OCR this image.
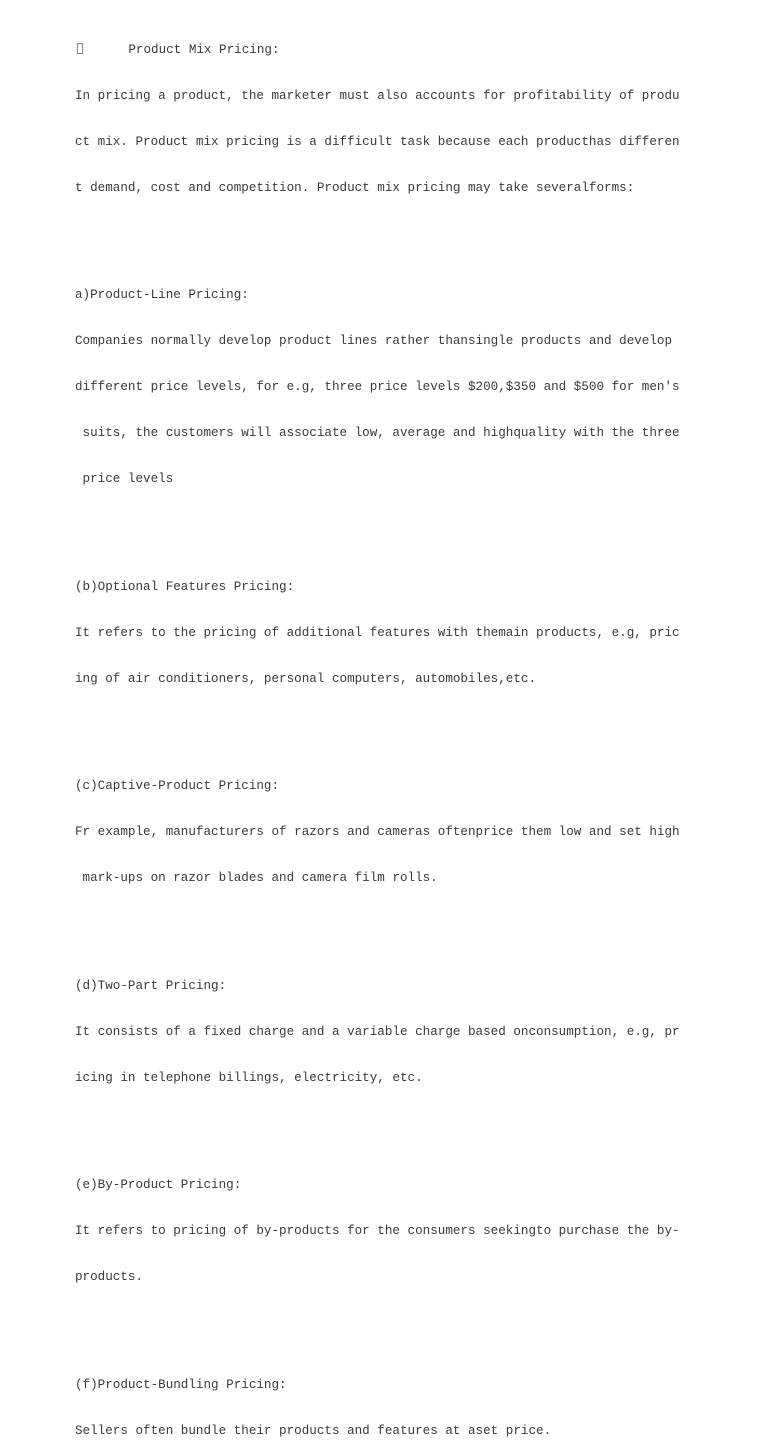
Product Mix Pricing:

In pricing a product, the marketer must also accounts for profitability of produ

ct mix. Product mix pricing is a difficult task because each producthas differen

t demand, cost and competition. Product mix pricing may take severalforms:

a)Product-Line Pricing:

Companies normally develop product lines rather thansingle products and develop

different price levels, for e.g, three price levels $200,$350 and $500 for men's

suits, the customers will associate low, average and highquality with the three

price levels

(b)Optional Features Pricing:

It refers to the pricing of additional features with themain products, e.g, pric

ing of air conditioners, personal computers, automobiles,etc.

(c)Captive-Product Pricing:

Fr example, manufacturers of razors and cameras oftenprice them low and set high

mark-ups on razor blades and camera film rolls.

(d)Two-Part Pricing:

It consists of a fixed charge and a variable charge based onconsumption, e.g, pr

icing in telephone billings, electricity, etc.

(e)By-Product Pricing:

It refers to pricing of by-products for the consumers seekingto purchase the by-

products.

(f)Product-Bundling Pricing:

Sellers often bundle their products and features at aset price.
